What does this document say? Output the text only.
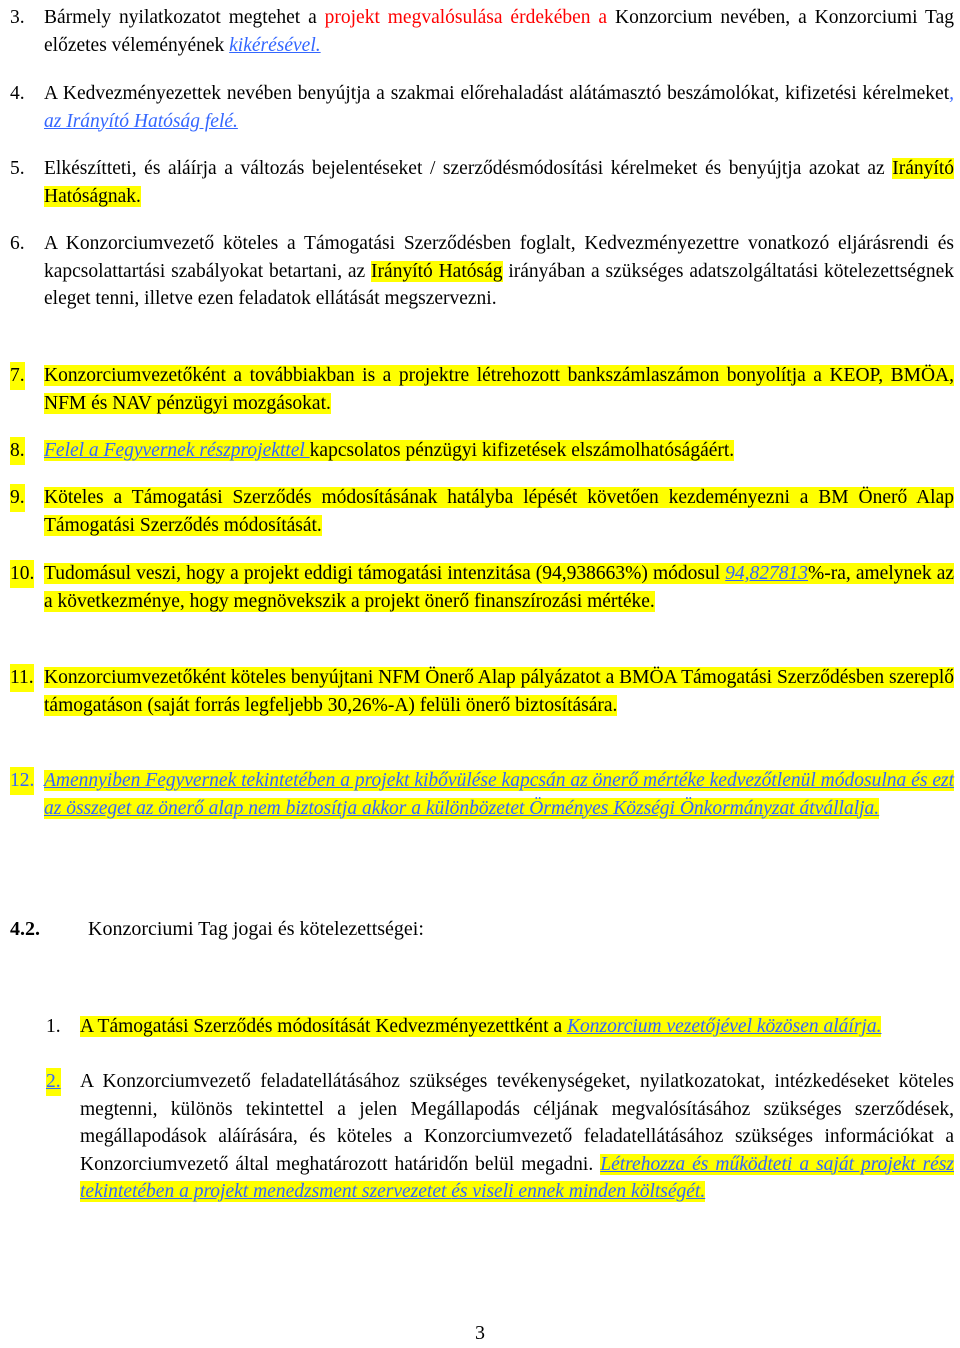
3. Bármely nyilatkozatot megtehet a projekt megvalósulása érdekében a Konzorcium nevében, a Konzorciumi Tag előzetes véleményének kikérésével.
4. A Kedvezményezettek nevében benyújtja a szakmai előrehaladást alátámasztó beszámolókat, kifizetési kérelmeket, az Irányító Hatóság felé.
5. Elkészítteti, és aláírja a változás bejelentéseket / szerződésmódosítási kérelmeket és benyújtja azokat az Irányító Hatóságnak.
6. A Konzorciumvezető köteles a Támogatási Szerződésben foglalt, Kedvezményezettre vonatkozó eljárásrendi és kapcsolattartási szabályokat betartani, az Irányító Hatóság irányában a szükséges adatszolgáltatási kötelezettségnek eleget tenni, illetve ezen feladatok ellátását megszervezni.
7. Konzorciumvezetőként a továbbiakban is a projektre létrehozott bankszámlaszámon bonyolítja a KEOP, BMÖA, NFM és NAV pénzügyi mozgásokat.
8. Felel a Fegyvernek részprojekttel kapcsolatos pénzügyi kifizetések elszámolhatóságáért.
9. Köteles a Támogatási Szerződés módosításának hatályba lépését követően kezdeményezni a BM Önerő Alap Támogatási Szerződés módosítását.
10. Tudomásul veszi, hogy a projekt eddigi támogatási intenzitása (94,938663%) módosul 94,827813%-ra, amelynek az a következménye, hogy megnövekszik a projekt önerő finanszírozási mértéke.
11. Konzorciumvezetőként köteles benyújtani NFM Önerő Alap pályázatot a BMÖA Támogatási Szerződésben szereplő támogatáson (saját forrás legfeljebb 30,26%-A) felüli önerő biztosítására.
12. Amennyiben Fegyvernek tekintetében a projekt kibővülése kapcsán az önerő mértéke kedvezőtlenül módosulna és ezt az összeget az önerő alap nem biztosítja akkor a különbözetet Örményes Községi Önkormányzat átvállalja.
4.2. Konzorciumi Tag jogai és kötelezettségei:
1. A Támogatási Szerződés módosítását Kedvezményezettként a Konzorcium vezetőjével közösen aláírja.
2. A Konzorciumvezető feladatellátásához szükséges tevékenységeket, nyilatkozatokat, intézkedéseket köteles megtenni, különös tekintettel a jelen Megállapodás céljának megvalósításához szükséges szerződések, megállapodások aláírására, és köteles a Konzorciumvezető feladatellátásához szükséges információkat a Konzorciumvezető által meghatározott határidőn belül megadni. Létrehozza és működteti a saját projekt rész tekintetében a projekt menedzsment szervezetet és viseli ennek minden költségét.
3
